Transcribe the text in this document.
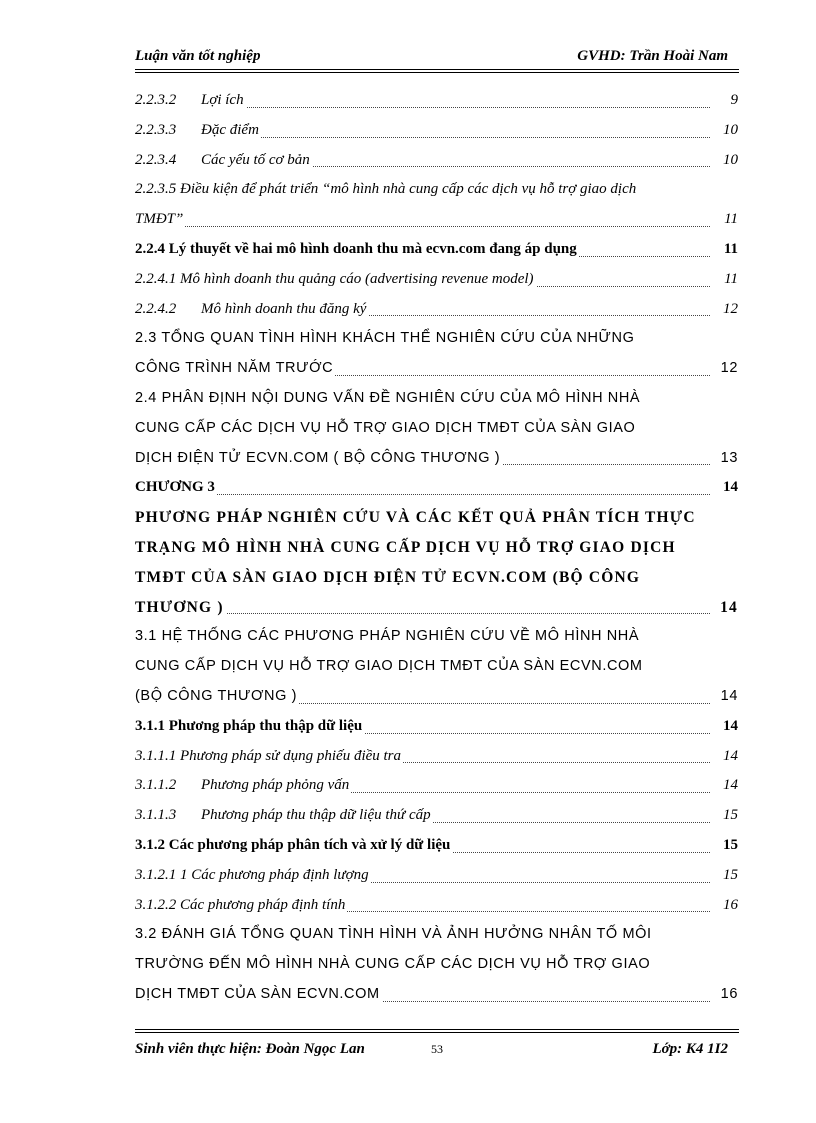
Luận văn tốt nghiệp	GVHD: Trần Hoài Nam
2.2.3.2 Lợi ích	9
2.2.3.3 Đặc điểm	10
2.2.3.4 Các yếu tố cơ bản	10
2.2.3.5 Điều kiện để phát triển “mô hình nhà cung cấp các dịch vụ hỗ trợ giao dịch
TMĐT”	11
2.2.4 Lý thuyết về hai mô hình doanh thu mà ecvn.com đang áp dụng	11
2.2.4.1 Mô hình doanh thu quảng cáo (advertising revenue model)	11
2.2.4.2 Mô hình doanh thu đăng ký	12
2.3 TỔNG QUAN TÌNH HÌNH KHÁCH THỂ NGHIÊN CỨU CỦA NHỮNG
CÔNG TRÌNH NĂM TRƯỚC	12
2.4 PHÂN ĐỊNH NỘI DUNG VẤN ĐỀ NGHIÊN CỨU CỦA MÔ HÌNH NHÀ
CUNG CẤP CÁC DỊCH VỤ HỖ TRỢ GIAO DỊCH TMĐT CỦA SÀN GIAO
DỊCH ĐIỆN TỬ ECVN.COM ( BỘ CÔNG THƯƠNG )	13
CHƯƠNG 3	14
PHƯƠNG PHÁP NGHIÊN CỨU VÀ CÁC KẾT QUẢ PHÂN TÍCH THỰC
TRẠNG MÔ HÌNH NHÀ CUNG CẤP DỊCH VỤ HỖ TRỢ GIAO DỊCH
TMĐT CỦA SÀN GIAO DỊCH ĐIỆN TỬ ECVN.COM (BỘ CÔNG
THƯƠNG )	14
3.1 HỆ THỐNG CÁC PHƯƠNG PHÁP NGHIÊN CỨU VỀ MÔ HÌNH NHÀ
CUNG CẤP DỊCH VỤ HỖ TRỢ GIAO DỊCH TMĐT CỦA SÀN ECVN.COM
(BỘ CÔNG THƯƠNG )	14
3.1.1 Phương pháp thu thập dữ liệu	14
3.1.1.1 Phương pháp sử dụng phiếu điều tra	14
3.1.1.2 Phương pháp phỏng vấn	14
3.1.1.3 Phương pháp thu thập dữ liệu thứ cấp	15
3.1.2 Các phương pháp phân tích và xử lý dữ liệu	15
3.1.2.1 1 Các phương pháp định lượng	15
3.1.2.2 Các phương pháp định tính	16
3.2 ĐÁNH GIÁ TỔNG QUAN TÌNH HÌNH VÀ ẢNH HƯỞNG NHÂN TỐ MÔI
TRƯỜNG ĐẾN MÔ HÌNH NHÀ CUNG CẤP CÁC DỊCH VỤ HỖ TRỢ GIAO
DỊCH TMĐT CỦA SÀN ECVN.COM	16
Sinh viên thực hiện: Đoàn Ngọc Lan	53	Lớp: K4 1I2
